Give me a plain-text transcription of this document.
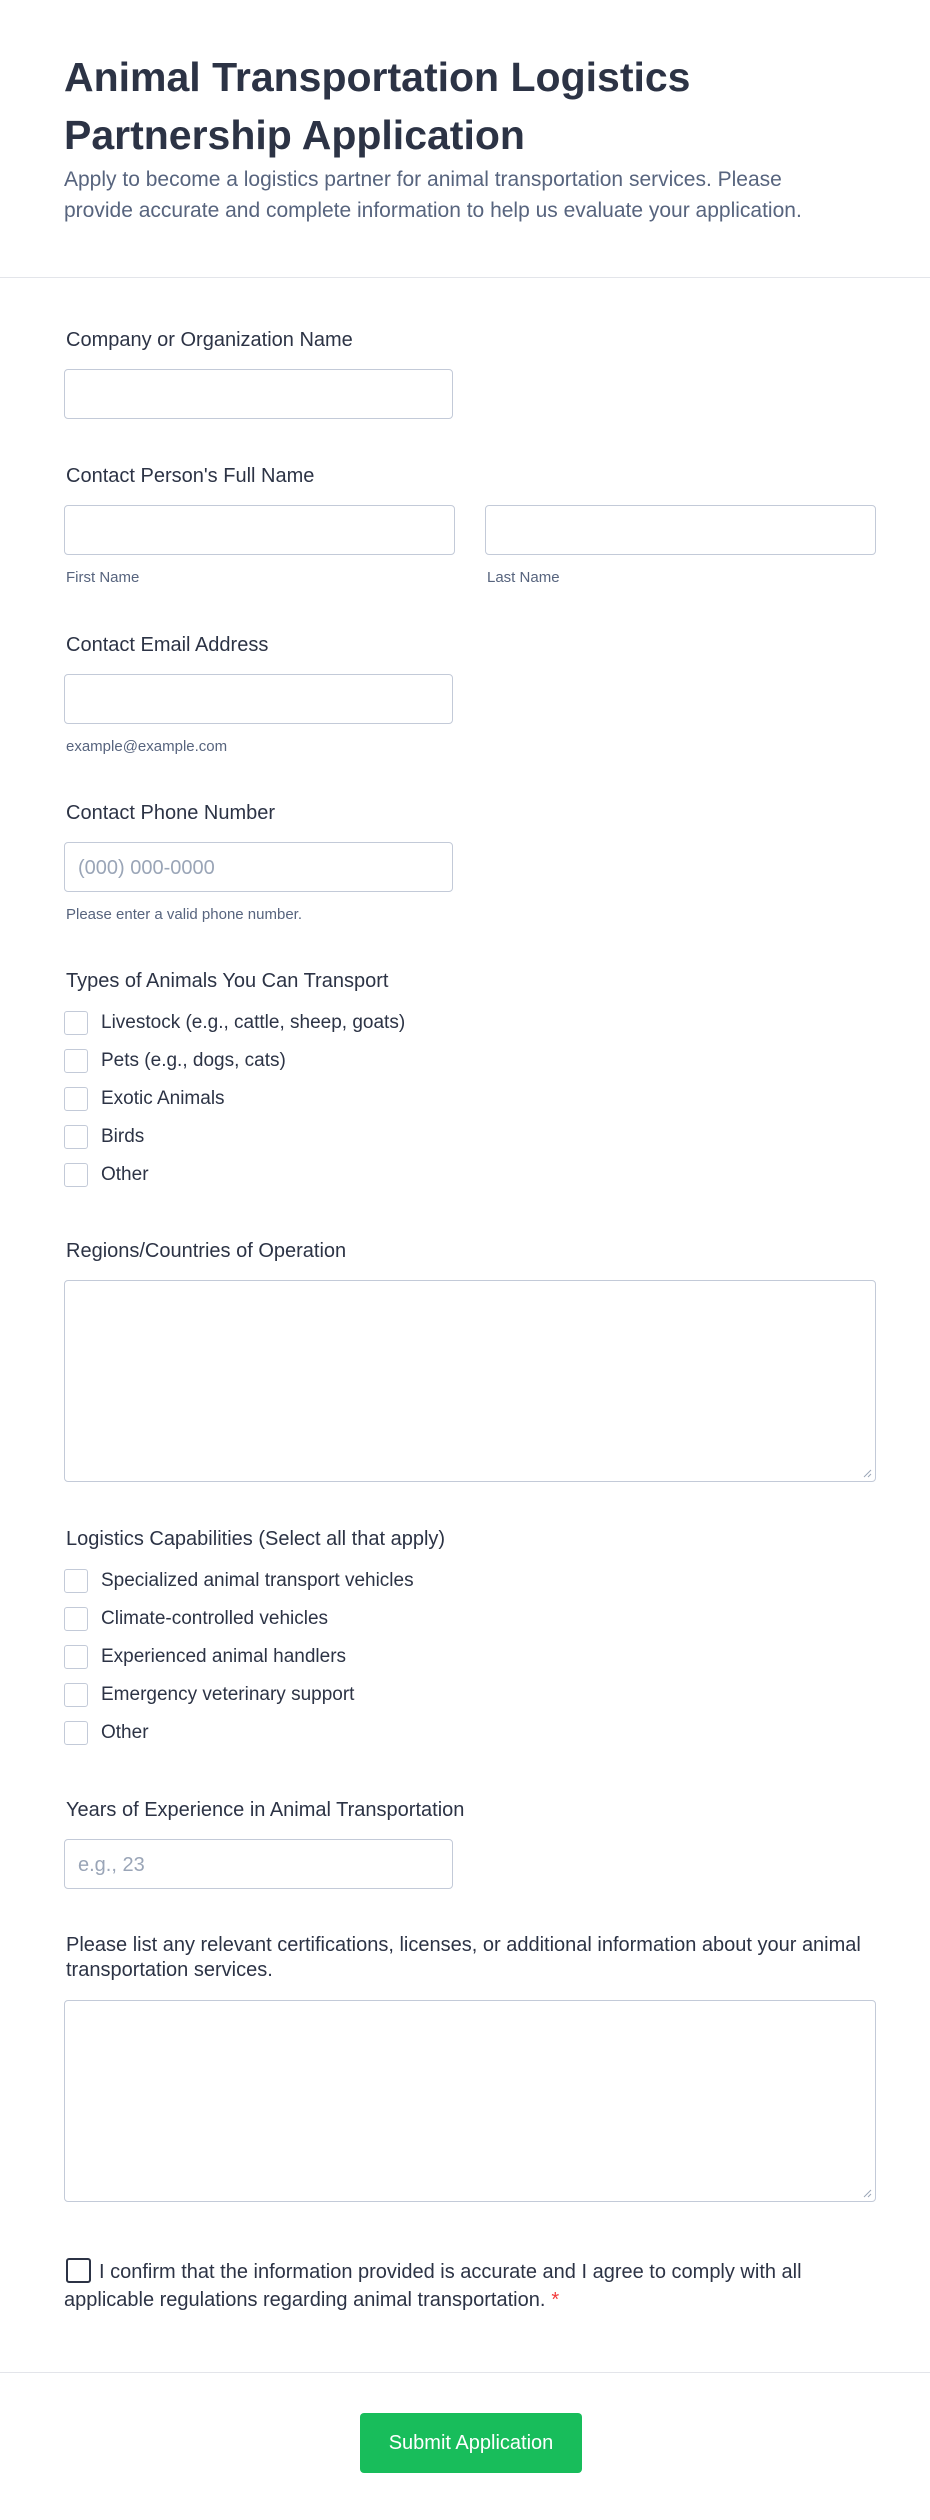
Animal Transportation Logistics Partnership Application

Apply to become a logistics partner for animal transportation services. Please provide accurate and complete information to help us evaluate your application.

Company or Organization Name
Contact Person's Full Name
First Name	Last Name
Contact Email Address
example@example.com
Contact Phone Number
(000) 000-0000
Please enter a valid phone number.
Types of Animals You Can Transport
Livestock (e.g., cattle, sheep, goats)
Pets (e.g., dogs, cats)
Exotic Animals
Birds
Other
Regions/Countries of Operation
Logistics Capabilities (Select all that apply)
Specialized animal transport vehicles
Climate-controlled vehicles
Experienced animal handlers
Emergency veterinary support
Other
Years of Experience in Animal Transportation
e.g., 23
Please list any relevant certifications, licenses, or additional information about your animal transportation services.
I confirm that the information provided is accurate and I agree to comply with all applicable regulations regarding animal transportation. *
Submit Application
